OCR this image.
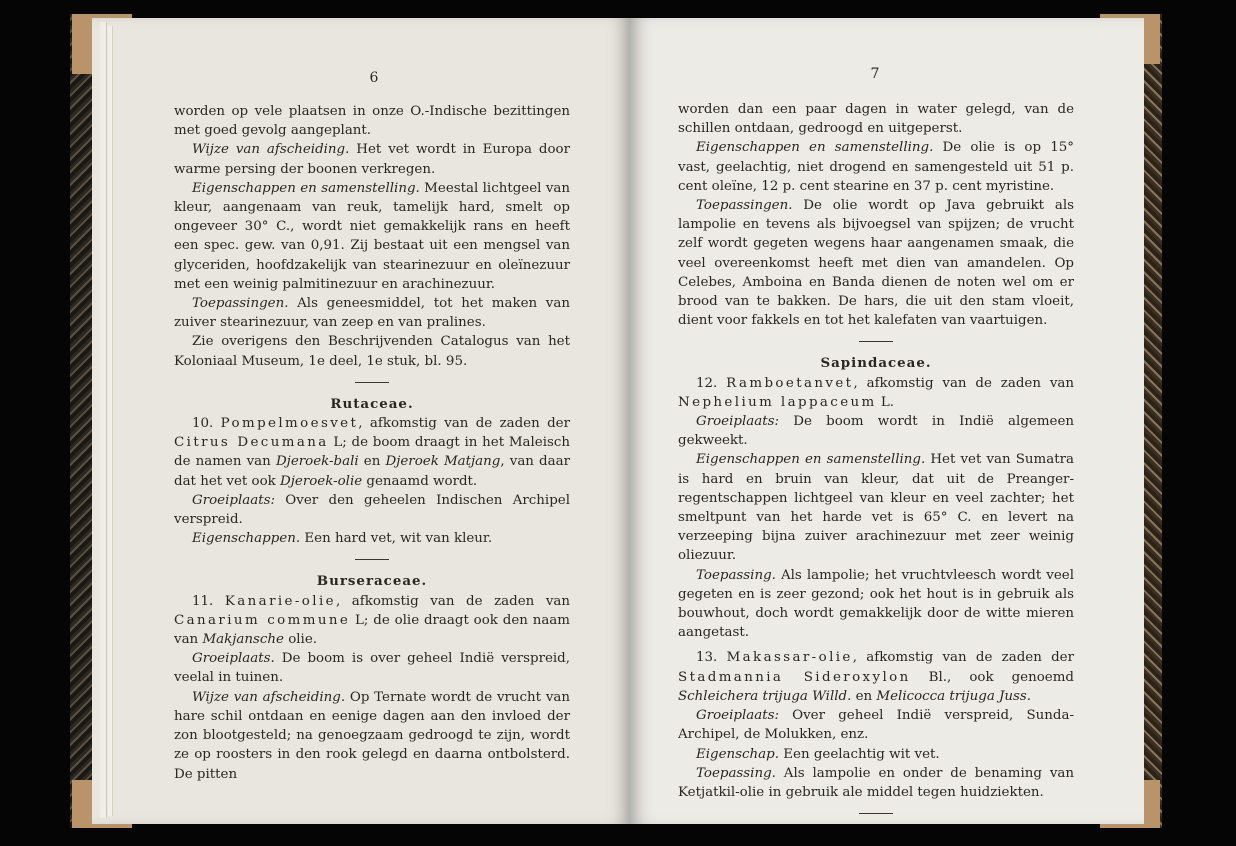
6

worden op vele plaatsen in onze O.-Indische bezittingen met goed gevolg aangeplant.

Wijze van afscheiding. Het vet wordt in Europa door warme persing der boonen verkregen.

Eigenschappen en samenstelling. Meestal lichtgeel van kleur, aangenaam van reuk, tamelijk hard, smelt op ongeveer 30° C., wordt niet gemakkelijk rans en heeft een spec. gew. van 0,91. Zij bestaat uit een mengsel van glyceriden, hoofdzakelijk van stearinezuur en oleïnezuur met een weinig palmitinezuur en arachinezuur.

Toepassingen. Als geneesmiddel, tot het maken van zuiver stearinezuur, van zeep en van pralines.

Zie overigens den Beschrijvenden Catalogus van het Koloniaal Museum, 1e deel, 1e stuk, bl. 95.

Rutaceae.

10. Pompelmoesvet, afkomstig van de zaden der Citrus Decumana L; de boom draagt in het Maleisch de namen van Djeroek-bali en Djeroek Matjang, van daar dat het vet ook Djeroek-olie genaamd wordt.

Groeiplaats: Over den geheelen Indischen Archipel verspreid.

Eigenschappen. Een hard vet, wit van kleur.

Burseraceae.

11. Kanarie-olie, afkomstig van de zaden van Canarium commune L; de olie draagt ook den naam van Makjansche olie.

Groeiplaats. De boom is over geheel Indië verspreid, veelal in tuinen.

Wijze van afscheiding. Op Ternate wordt de vrucht van hare schil ontdaan en eenige dagen aan den invloed der zon blootgesteld; na genoegzaam gedroogd te zijn, wordt ze op roosters in den rook gelegd en daarna ontbolsterd. De pitten

7

worden dan een paar dagen in water gelegd, van de schillen ontdaan, gedroogd en uitgeperst.

Eigenschappen en samenstelling. De olie is op 15° vast, geelachtig, niet drogend en samengesteld uit 51 p. cent oleïne, 12 p. cent stearine en 37 p. cent myristine.

Toepassingen. De olie wordt op Java gebruikt als lampolie en tevens als bijvoegsel van spijzen; de vrucht zelf wordt gegeten wegens haar aangenamen smaak, die veel overeenkomst heeft met dien van amandelen. Op Celebes, Amboina en Banda dienen de noten wel om er brood van te bakken. De hars, die uit den stam vloeit, dient voor fakkels en tot het kalefaten van vaartuigen.

Sapindaceae.

12. Ramboetanvet, afkomstig van de zaden van Nephelium lappaceum L.

Groeiplaats: De boom wordt in Indië algemeen gekweekt.

Eigenschappen en samenstelling. Het vet van Sumatra is hard en bruin van kleur, dat uit de Preanger-regentschappen lichtgeel van kleur en veel zachter; het smeltpunt van het harde vet is 65° C. en levert na verzeeping bijna zuiver arachinezuur met zeer weinig oliezuur.

Toepassing. Als lampolie; het vruchtvleesch wordt veel gegeten en is zeer gezond; ook het hout is in gebruik als bouwhout, doch wordt gemakkelijk door de witte mieren aangetast.

13. Makassar-olie, afkomstig van de zaden der Stadmannia Sideroxylon Bl., ook genoemd Schleichera trijuga Willd. en Melicocca trijuga Juss.

Groeiplaats: Over geheel Indië verspreid, Sunda-Archipel, de Molukken, enz.

Eigenschap. Een geelachtig wit vet.

Toepassing. Als lampolie en onder de benaming van Ketjatkil-olie in gebruik ale middel tegen huidziekten.
